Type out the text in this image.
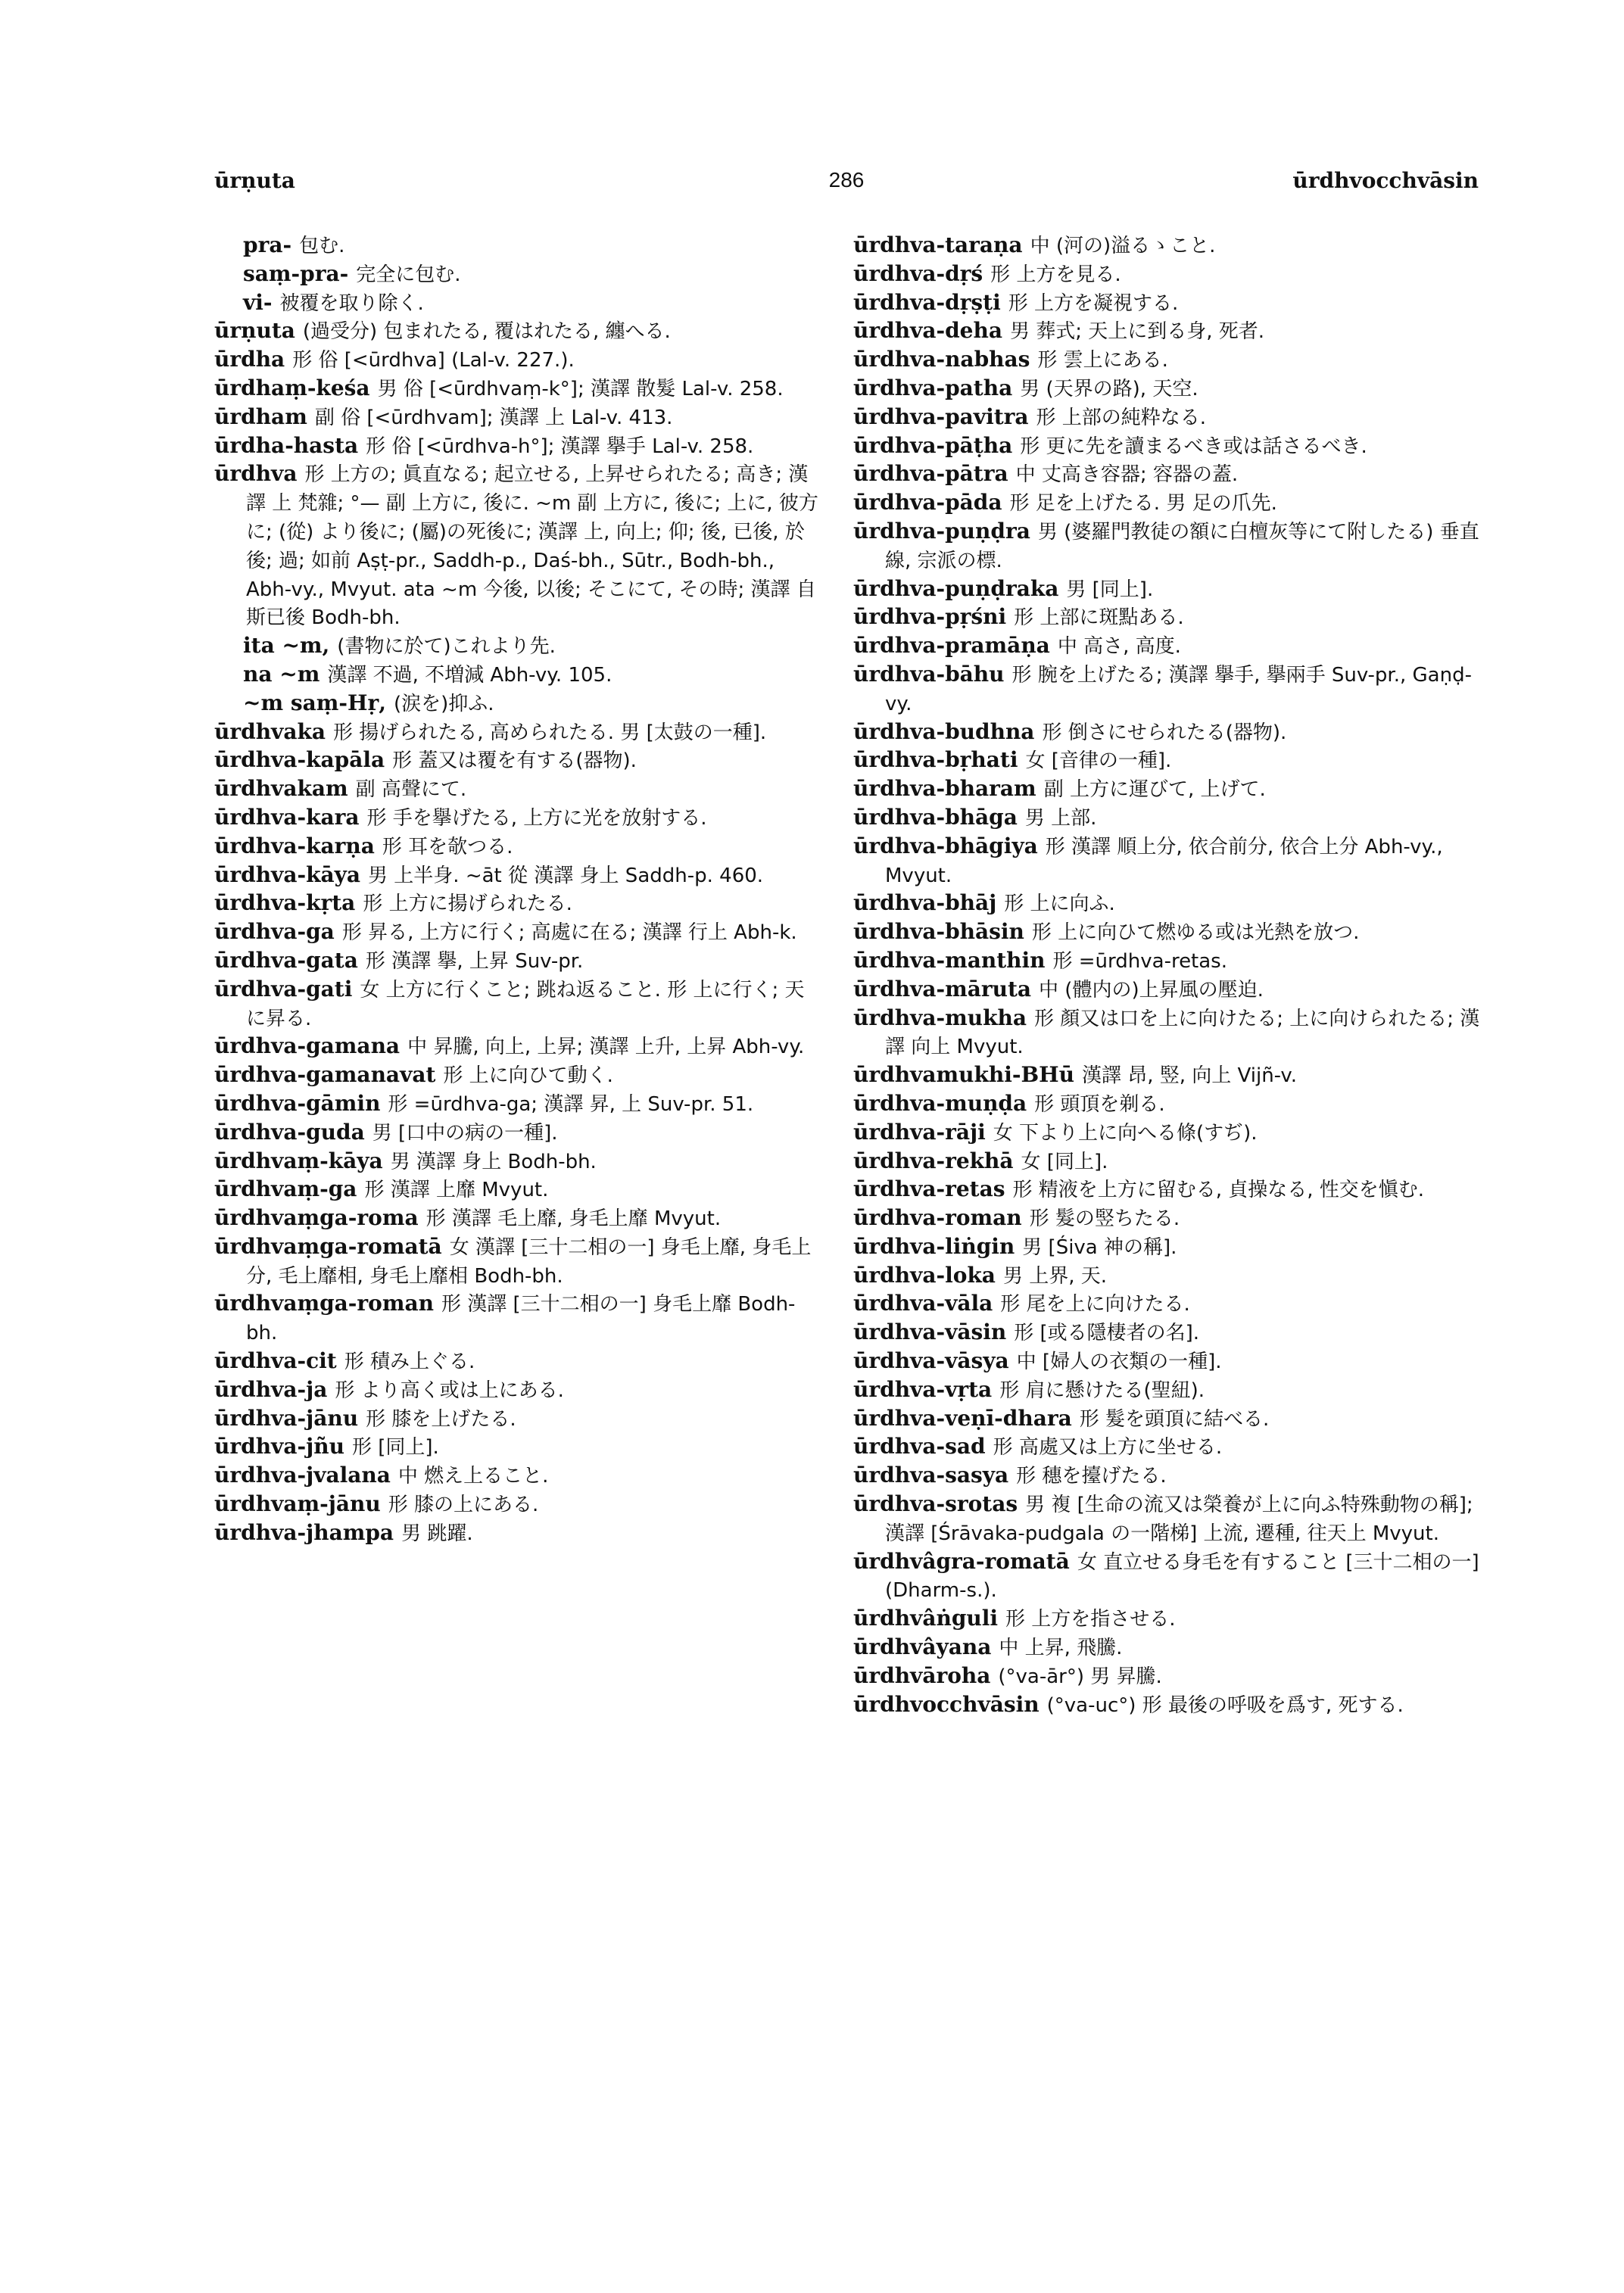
ūrṇuta	286	ūrdhvocchvāsin
pra- 包む.
saṃ-pra- 完全に包む.
vi- 被覆を取り除く.
ūrṇuta (過受分) 包まれたる, 覆はれたる, 纏へる.
ūrdha 形 俗 [<ūrdhva] (Lal-v. 227.).
ūrdhaṃ-keśa 男 俗 [<ūrdhvaṃ-k°]; 漢譯 散髮 Lal-v. 258.
ūrdham 副 俗 [<ūrdhvam]; 漢譯 上 Lal-v. 413.
ūrdha-hasta 形 俗 [<ūrdhva-h°]; 漢譯 擧手 Lal-v. 258.
ūrdhva 形 上方の; 眞直なる; 起立せる, 上昇せられたる; 高き; 漢譯 上 梵雜; °— 副 上方に, 後に. ~m 副 上方に, 後に; 上に, 彼方に; (從) より後に; (屬)の死後に; 漢譯 上, 向上; 仰; 後, 已後, 於後; 過; 如前 Aṣṭ-pr., Saddh-p., Daś-bh., Sūtr., Bodh-bh., Abh-vy., Mvyut. ata ~m 今後, 以後; そこにて, その時; 漢譯 自斯已後 Bodh-bh.
ita ~m, (書物に於て)これより先.
na ~m 漢譯 不過, 不増減 Abh-vy. 105.
~m saṃ-Hṛ, (涙を)抑ふ.
ūrdhvaka 形 揚げられたる, 高められたる. 男 [太鼓の一種].
ūrdhva-kapāla 形 蓋又は覆を有する(器物).
ūrdhvakam 副 高聲にて.
ūrdhva-kara 形 手を擧げたる, 上方に光を放射する.
ūrdhva-karṇa 形 耳を欹つる.
ūrdhva-kāya 男 上半身. ~āt 從 漢譯 身上 Saddh-p. 460.
ūrdhva-kṛta 形 上方に揚げられたる.
ūrdhva-ga 形 昇る, 上方に行く; 高處に在る; 漢譯 行上 Abh-k.
ūrdhva-gata 形 漢譯 擧, 上昇 Suv-pr.
ūrdhva-gati 女 上方に行くこと; 跳ね返ること. 形 上に行く; 天に昇る.
ūrdhva-gamana 中 昇騰, 向上, 上昇; 漢譯 上升, 上昇 Abh-vy.
ūrdhva-gamanavat 形 上に向ひて動く.
ūrdhva-gāmin 形 =ūrdhva-ga; 漢譯 昇, 上 Suv-pr. 51.
ūrdhva-guda 男 [口中の病の一種].
ūrdhvaṃ-kāya 男 漢譯 身上 Bodh-bh.
ūrdhvaṃ-ga 形 漢譯 上靡 Mvyut.
ūrdhvaṃga-roma 形 漢譯 毛上靡, 身毛上靡 Mvyut.
ūrdhvaṃga-romatā 女 漢譯 [三十二相の一] 身毛上靡, 身毛上分, 毛上靡相, 身毛上靡相 Bodh-bh.
ūrdhvaṃga-roman 形 漢譯 [三十二相の一] 身毛上靡 Bodh-bh.
ūrdhva-cit 形 積み上ぐる.
ūrdhva-ja 形 より高く或は上にある.
ūrdhva-jānu 形 膝を上げたる.
ūrdhva-jñu 形 [同上].
ūrdhva-jvalana 中 燃え上ること.
ūrdhvaṃ-jānu 形 膝の上にある.
ūrdhva-jhampa 男 跳躍.
ūrdhva-taraṇa 中 (河の)溢るゝこと.
ūrdhva-dṛś 形 上方を見る.
ūrdhva-dṛṣṭi 形 上方を凝視する.
ūrdhva-deha 男 葬式; 天上に到る身, 死者.
ūrdhva-nabhas 形 雲上にある.
ūrdhva-patha 男 (天界の路), 天空.
ūrdhva-pavitra 形 上部の純粋なる.
ūrdhva-pāṭha 形 更に先を讀まるべき或は話さるべき.
ūrdhva-pātra 中 丈高き容器; 容器の蓋.
ūrdhva-pāda 形 足を上げたる. 男 足の爪先.
ūrdhva-puṇḍra 男 (婆羅門教徒の額に白檀灰等にて附したる) 垂直線, 宗派の標.
ūrdhva-puṇḍraka 男 [同上].
ūrdhva-pṛśni 形 上部に斑點ある.
ūrdhva-pramāṇa 中 高さ, 高度.
ūrdhva-bāhu 形 腕を上げたる; 漢譯 擧手, 擧兩手 Suv-pr., Gaṇḍ-vy.
ūrdhva-budhna 形 倒さにせられたる(器物).
ūrdhva-bṛhati 女 [音律の一種].
ūrdhva-bharam 副 上方に運びて, 上げて.
ūrdhva-bhāga 男 上部.
ūrdhva-bhāgiya 形 漢譯 順上分, 依合前分, 依合上分 Abh-vy., Mvyut.
ūrdhva-bhāj 形 上に向ふ.
ūrdhva-bhāsin 形 上に向ひて燃ゆる或は光熱を放つ.
ūrdhva-manthin 形 =ūrdhva-retas.
ūrdhva-māruta 中 (體内の)上昇風の壓迫.
ūrdhva-mukha 形 顏又は口を上に向けたる; 上に向けられたる; 漢譯 向上 Mvyut.
ūrdhvamukhi-BHū 漢譯 昂, 竪, 向上 Vijñ-v.
ūrdhva-muṇḍa 形 頭頂を剃る.
ūrdhva-rāji 女 下より上に向へる條(すぢ).
ūrdhva-rekhā 女 [同上].
ūrdhva-retas 形 精液を上方に留むる, 貞操なる, 性交を愼む.
ūrdhva-roman 形 髮の竪ちたる.
ūrdhva-liṅgin 男 [Śiva 神の稱].
ūrdhva-loka 男 上界, 天.
ūrdhva-vāla 形 尾を上に向けたる.
ūrdhva-vāsin 形 [或る隱棲者の名].
ūrdhva-vāsya 中 [婦人の衣類の一種].
ūrdhva-vṛta 形 肩に懸けたる(聖紐).
ūrdhva-veṇī-dhara 形 髮を頭頂に結べる.
ūrdhva-sad 形 高處又は上方に坐せる.
ūrdhva-sasya 形 穗を擡げたる.
ūrdhva-srotas 男 複 [生命の流又は榮養が上に向ふ特殊動物の稱]; 漢譯 [Śrāvaka-pudgala の一階梯] 上流, 遷種, 往天上 Mvyut.
ūrdhvâgra-romatā 女 直立せる身毛を有すること [三十二相の一] (Dharm-s.).
ūrdhvâṅguli 形 上方を指させる.
ūrdhvâyana 中 上昇, 飛騰.
ūrdhvāroha (°va-ār°) 男 昇騰.
ūrdhvocchvāsin (°va-uc°) 形 最後の呼吸を爲す, 死する.
